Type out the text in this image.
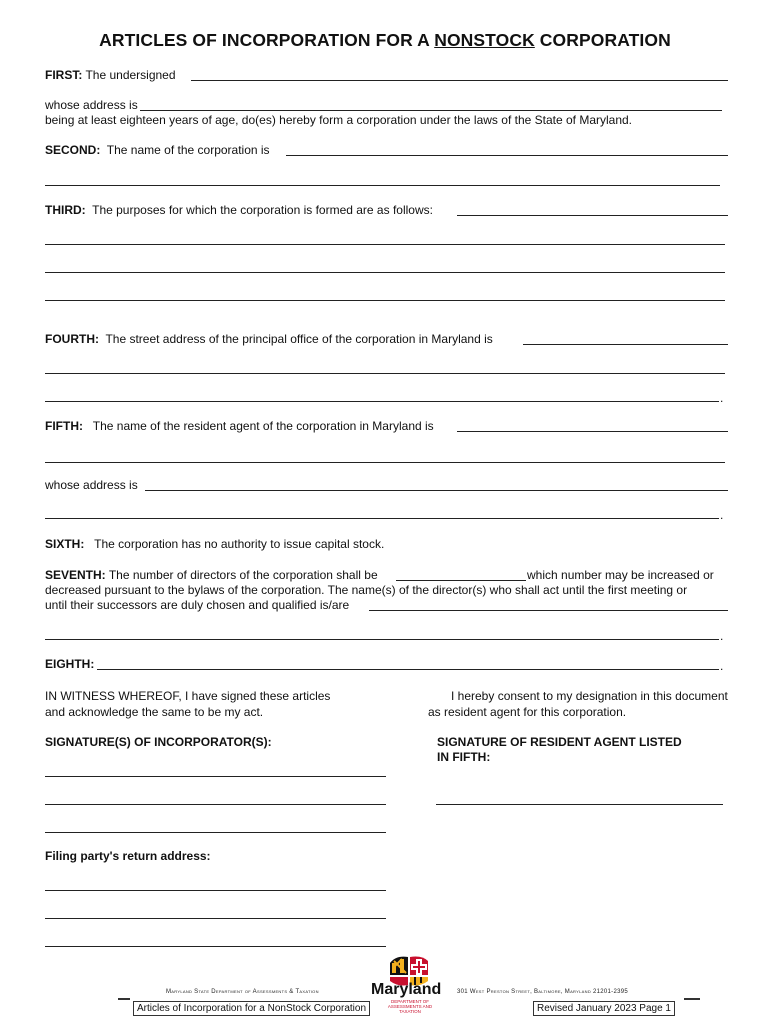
ARTICLES OF INCORPORATION FOR A NONSTOCK CORPORATION
FIRST: The undersigned
whose address is
being at least eighteen years of age, do(es) hereby form a corporation under the laws of the State of Maryland.
SECOND: The name of the corporation is
THIRD: The purposes for which the corporation is formed are as follows:
FOURTH: The street address of the principal office of the corporation in Maryland is
.
FIFTH: The name of the resident agent of the corporation in Maryland is
whose address is
.
SIXTH: The corporation has no authority to issue capital stock.
SEVENTH: The number of directors of the corporation shall be	which number may be increased or
decreased pursuant to the bylaws of the corporation. The name(s) of the director(s) who shall act until the first meeting or
until their successors are duly chosen and qualified is/are
.
EIGHTH:	.
IN WITNESS WHEREOF, I have signed these articles
and acknowledge the same to be my act.
I hereby consent to my designation in this document
as resident agent for this corporation.
SIGNATURE(S) OF INCORPORATOR(S):	SIGNATURE OF RESIDENT AGENT LISTED
IN FIFTH:
Filing party's return address:
Maryland State Department of Assessments & Taxation	301 West Preston Street, Baltimore, Maryland 21201-2395
Maryland
DEPARTMENT OF
ASSESSMENTS AND TAXATION
Articles of Incorporation for a NonStock Corporation	Revised January 2023 Page 1
